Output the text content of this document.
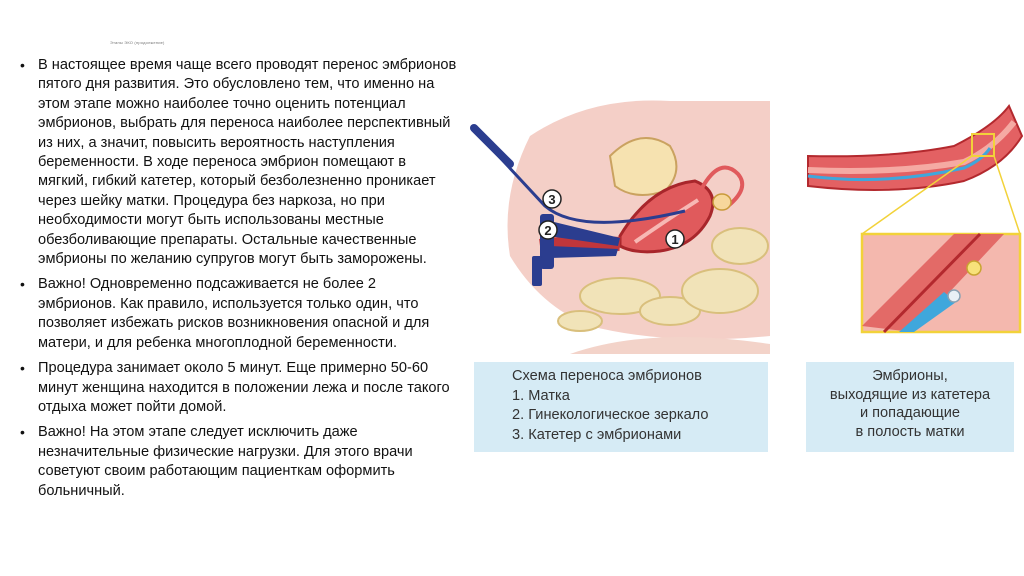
Этапы ЭКО (продолжение)
• В настоящее время чаще всего проводят перенос эмбрионов пятого дня развития. Это обусловлено тем, что именно на этом этапе можно наиболее точно оценить потенциал эмбрионов, выбрать для переноса наиболее перспективный из них, а значит, повысить вероятность наступления беременности. В ходе переноса эмбрион помещают в мягкий, гибкий катетер, который безболезненно проникает через шейку матки. Процедура без наркоза, но при необходимости могут быть использованы местные обезболивающие препараты. Остальные качественные эмбрионы по желанию супругов могут быть заморожены.
• Важно! Одновременно подсаживается не более 2 эмбрионов. Как правило, используется только один, что позволяет избежать рисков возникновения опасной и для матери, и для ребенка многоплодной беременности.
• Процедура занимает около 5 минут. Еще примерно 50-60 минут женщина находится в положении лежа и после такого отдыха может пойти домой.
• Важно! На этом этапе следует исключить даже незначительные физические нагрузки. Для этого врачи советуют своим работающим пациенткам оформить больничный.
1
2
3
Схема переноса эмбрионов
1. Матка
2. Гинекологическое зеркало
3. Катетер с эмбрионами
Эмбрионы,
выходящие из катетера
и попадающие
в полость матки
